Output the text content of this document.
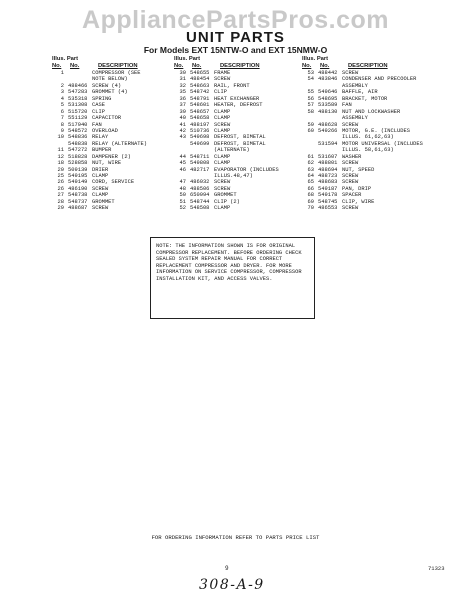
AppliancePartsPros.com
UNIT PARTS
For Models EXT 15NTW-O and EXT 15NMW-O
Illus. Part
No. No.	DESCRIPTION
1	COMPRESSOR (SEE
NOTE BELOW)
2 488466 SCREW (4)
3 547283 GROMMET (4)
4 535318 SPRING
5 531308 CASE
6 515720 CLIP
7 551129 CAPACITOR
8 517940 FAN
9 548572 OVERLOAD
10 548836 RELAY
548838 RELAY (ALTERNATE)
11 547272 BUMPER
12 518828 DAMPENER (2)
18 528858 NUT, WIRE
20 509139 DRIER
25 549195 CLAMP
26 549149 CORD, SERVICE
26 486190 SCREW
27 548738 CLAMP
28 548737 GROMMET
29 488687 SCREW
Illus. Part
No. No.	DESCRIPTION
30 548655 FRAME
31 488454 SCREW
32 548663 RAIL, FRONT
35 548742 CLIP
36 548791 HEAT EXCHANGER
37 548601 HEATER, DEFROST
39 548657 CLAMP
40 548658 CLAMP
41 488197 SCREW
42 510736 CLAMP
43 549698 DEFROST, BIMETAL
549699 DEFROST, BIMETAL
(ALTERNATE)
44 548711 CLAMP
45 549808 CLAMP
46 482717 EVAPORATOR (INCLUDES
ILLUS.48,47)
47 486032 SCREW
48 488506 SCREW
50 650994 GROMMET
51 548744 CLIP (2)
52 548508 CLAMP
Illus. Part
No. No.	DESCRIPTION
53 488442 SCREW
54 483846 CONDENSER AND PRECOOLER
ASSEMBLY
55 549646 BAFFLE, AIR
56 548695 BRACKET, MOTOR
57 533589 FAN
58 488130 NUT AND LOCKWASHER
ASSEMBLY
59 488628 SCREW
60 549266 MOTOR, G.E. (INCLUDES
ILLUS. 61,62,63)
531594 MOTOR UNIVERSAL (INCLUDES
ILLUS. 58,61,63)
61 531607 WASHER
62 488801 SCREW
63 488694 NUT, SPEED
64 488723 SCREW
65 488683 SCREW
66 549187 PAN, DRIP
68 549178 SPACER
69 548745 CLIP, WIRE
70 486553 SCREW
NOTE: THE INFORMATION SHOWN IS FOR ORIGINAL COMPRESSOR REPLACEMENT. BEFORE ORDERING CHECK SEALED SYSTEM REPAIR MANUAL FOR CORRECT REPLACEMENT COMPRESSOR AND DRYER. FOR MORE INFORMATION ON SERVICE COMPRESSOR, COMPRESSOR INSTALLATION KIT, AND ACCESS VALVES.
FOR ORDERING INFORMATION REFER TO PARTS PRICE LIST
9	71323
308-A-9
